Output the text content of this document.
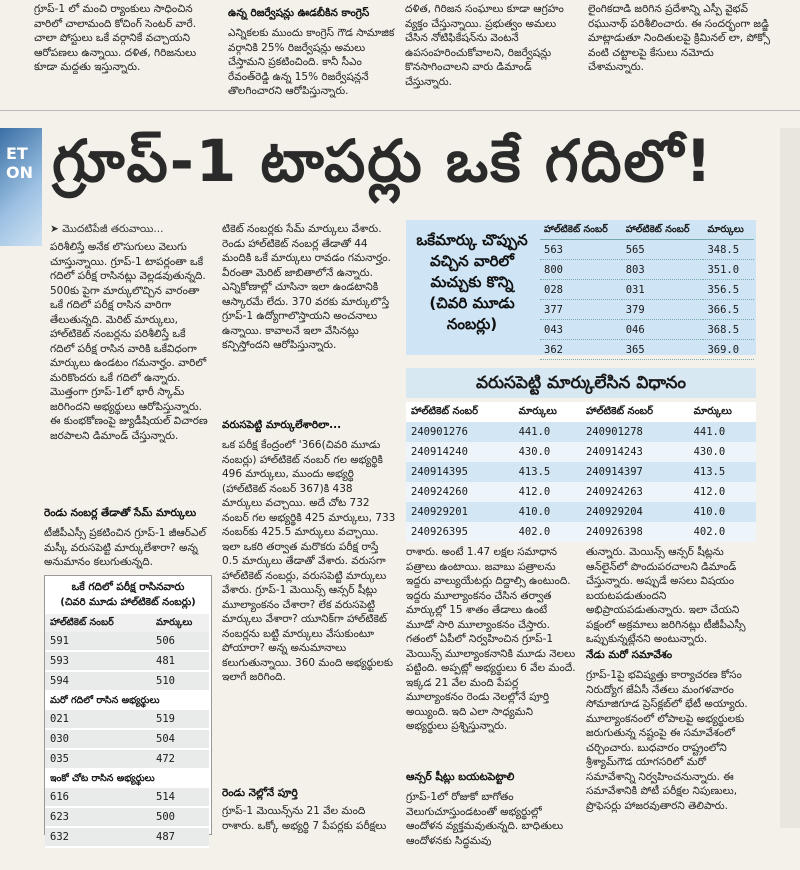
గ్రూప్-1 లో మంచి ర్యాంకులు సాధించిన వారిలో చాలామంది కోచింగ్ సెంటర్ వారే. చాలా పోస్టులు ఒకే వర్గానికే వచ్చాయని ఆరోపణలు ఉన్నాయి. దళిత, గిరిజనులు కూడా మద్దతు ఇస్తున్నారు.
ఉన్న రిజర్వేషన్లు ఊడబీకిన కాంగ్రెస్
ఎన్నికలకు ముందు కాంగ్రెస్ గౌడ సామాజిక వర్గానికి 25% రిజర్వేషన్లు అమలు చేస్తామని ప్రకటించింది. కానీ సీఎం రేవంత్‌రెడ్డి ఉన్న 15% రిజర్వేషన్లనే తొలగించారని ఆరోపిస్తున్నారు.
దళిత, గిరిజన సంఘాలు కూడా ఆగ్రహం వ్యక్తం చేస్తున్నాయి. ప్రభుత్వం అమలు చేసిన నోటిఫికేషన్‌ను వెంటనే ఉపసంహరించుకోవాలని, రిజర్వేషన్లు కొనసాగించాలని వారు డిమాండ్ చేస్తున్నారు.
లైంగికదాడి జరిగిన ప్రదేశాన్ని ఎస్పీ వైభవ్ రఘునాథ్ పరిశీలించారు. ఈ సందర్భంగా జడ్జి మాట్లాడుతూ నిందితులపై క్రిమినల్ లా, పోక్సో వంటి చట్టాలపై కేసులు నమోదు చేశామన్నారు.
ET ON గ్రూప్-1 టాపర్లు ఒకే గదిలో!
➤ మొదటిపేజీ తరువాయి...
పరిశీలిస్తే అనేక లొసుగులు వెలుగు చూస్తున్నాయి. గ్రూప్-1 టాపర్లంతా ఒకే గదిలో పరీక్ష రాసినట్లు వెల్లడవుతున్నది. 500కు పైగా మార్కులొచ్చిన వారంతా ఒకే గదిలో పరీక్ష రాసిన వారిగా తేలుతున్నది. మెరిట్ మార్కులు, హాల్‌టికెట్ నంబర్లను పరిశీలిస్తే ఒకే గదిలో పరీక్ష రాసిన వారికి ఒకేవిధంగా మార్కులు ఉండటం గమనార్హం. వారిలో మరికొందరు ఒకే గదిలో ఉన్నారు. మొత్తంగా గ్రూప్-1లో భారీ స్కామ్ జరిగిందని అభ్యర్థులు ఆరోపిస్తున్నారు. ఈ కుంభకోణంపై జ్యుడీషియల్ విచారణ జరపాలని డిమాండ్ చేస్తున్నారు.
రెండు నంబర్ల తేడాతో సేమ్ మార్కులు
టీజీపీఎస్సీ ప్రకటించిన గ్రూప్-1 జీఆర్ఎల్ మస్కీ వరుసపెట్టి మార్కులేశారా? అన్న అనుమానం కలుగుతున్నది.
ఒకే గదిలో పరీక్ష రాసినవారు
(చివరి మూడు హాల్‌టికెట్ నంబర్లు)
హాల్‌టికెట్ నంబర్	మార్కులు
591	506
593	481
594	510
మరో గదిలో రాసిన అభ్యర్థులు	
021	519
030	504
035	472
ఇంకో చోట రాసిన అభ్యర్థులు	
616	514
623	500
632	487
టికెట్ నంబర్లకు సేమ్ మార్కులు వేశారు. రెండు హాల్‌టికెట్ నంబర్ల తేడాతో 44 మందికి ఒకే మార్కులు రావడం గమనార్హం. వీరంతా మెరిట్ జాబితాలోనే ఉన్నారు. ఎన్నికోణాల్లో చూసినా ఇలా ఉండటానికి ఆస్కారమే లేదు. 370 వరకు మార్కులొస్తే గ్రూప్-1 ఉద్యోగాలొస్తాయని అంచనాలు ఉన్నాయి. కావాలనే ఇలా వేసినట్లు కన్పిస్తోందని ఆరోపిస్తున్నారు.
వరుసపెట్టి మార్కులేశారిలా...
ఒక పరీక్ష కేంద్రంలో '366(చివరి మూడు నంబర్లు) హాల్‌టికెట్ నంబర్ గల అభ్యర్థికి 496 మార్కులు, ముందు అభ్యర్థి (హాల్‌టికెట్ నంబర్ 367)కి 438 మార్కులు వచ్చాయి. అదే చోట 732 నంబర్ గల అభ్యర్థికి 425 మార్కులు, 733 నంబర్‌కు 425.5 మార్కులు వచ్చాయి. ఇలా ఒకరి తర్వాత మరొకరు పరీక్ష రాస్తే 0.5 మార్కులు తేడాతో వేశారు. వరుసగా హాల్‌టికెట్ నంబర్లు, వరుసపెట్టి మార్కులు వేశారు. గ్రూప్-1 మెయిన్స్ ఆన్సర్ షీట్లు మూల్యాంకనం చేశారా? లేక వరుసపెట్టి మార్కులు వేశారా? యూనిక్‌గా హాల్‌టికెట్ నంబర్లను బట్టి మార్కులు వేసుకుంటూ పోయారా? అన్న అనుమానాలు కలుగుతున్నాయి. 360 మంది అభ్యర్థులకు ఇలాగే జరిగింది.
రెండు నెల్లోనే పూర్తి
గ్రూప్-1 మెయిన్స్‌ను 21 వేల మంది రాశారు. ఒక్కో అభ్యర్థి 7 పేపర్లకు పరీక్షలు
ఒకేమార్కు చొప్పున వచ్చిన వారిలో మచ్చుకు కొన్ని (చివరి మూడు నంబర్లు)
హాల్‌టికెట్ నంబర్	హాల్‌టికెట్ నంబర్	మార్కులు
563	565	348.5
800	803	351.0
028	031	356.5
377	379	366.5
043	046	368.5
362	365	369.0
వరుసపెట్టి మార్కులేసిన విధానం
హాల్‌టికెట్ నంబర్	మార్కులు	హాల్‌టికెట్ నంబర్	మార్కులు
240901276	441.0	240901278	441.0
240914240	430.0	240914243	430.0
240914395	413.5	240914397	413.5
240924260	412.0	240924263	412.0
240929201	410.0	240929204	410.0
240926395	402.0	240926398	402.0
రాశారు. అంటే 1.47 లక్షల సమాధాన పత్రాలు ఉంటాయి. జవాబు పత్రాలను ఇద్దరు వాల్యుయేటర్లు దిద్దాల్సి ఉంటుంది. ఇద్దరు మూల్యాంకనం చేసిన తర్వాత మార్కుల్లో 15 శాతం తేడాలు ఉంటే మూడో సారి మూల్యాంకనం చేస్తారు. గతంలో ఏపీలో నిర్వహించిన గ్రూప్-1 మెయిన్స్ మూల్యాంకనానికి మూడు నెలలు పట్టింది. అప్పట్లో అభ్యర్థులు 6 వేల మందే. ఇక్కడ 21 వేల మంది పేపర్ల మూల్యాంకనం రెండు నెలల్లోనే పూర్తి అయ్యింది. ఇది ఎలా సాధ్యమని అభ్యర్థులు ప్రశ్నిస్తున్నారు.
ఆన్సర్ షీట్లు బయటపెట్టాలి
గ్రూప్-1లో రోజుకో బాగోతం వెలుగుచూస్తుండటంతో అభ్యర్థుల్లో ఆందోళన వ్యక్తమవుతున్నది. బాధితులు ఆందోళనకు సిద్ధమవు
తున్నారు. మెయిన్స్ ఆన్సర్ షీట్లను ఆన్‌లైన్‌లో పొందుపరచాలని డిమాండ్ చేస్తున్నారు. అప్పుడే అసలు విషయం బయటపడుతుందని అభిప్రాయపడుతున్నారు. ఇలా చేయని పక్షంలో అక్రమాలు జరిగినట్లు టీజీపీఎస్సీ ఒప్పుకున్నట్లేనని అంటున్నారు.
నేడు మరో సమావేశం
గ్రూప్-1పై భవిష్యత్తు కార్యాచరణ కోసం నిరుద్యోగ జేఏసీ నేతలు మంగళవారం సోమాజిగూడ ప్రెస్‌క్లబ్‌లో భేటీ అయ్యారు. మూల్యాంకనంలో లోపాలపై అభ్యర్థులకు జరుగుతున్న నష్టంపై ఈ సమావేశంలో చర్చించారు. బుధవారం రాష్ట్రంలోని శ్రీశ్యామ్‌గౌడ యాగసరిలో మరో సమావేశాన్ని నిర్వహించనున్నారు. ఈ సమావేశానికి పోటీ పరీక్షల నిపుణులు, ప్రొఫెసర్లు హాజరవుతారని తెలిపారు.
